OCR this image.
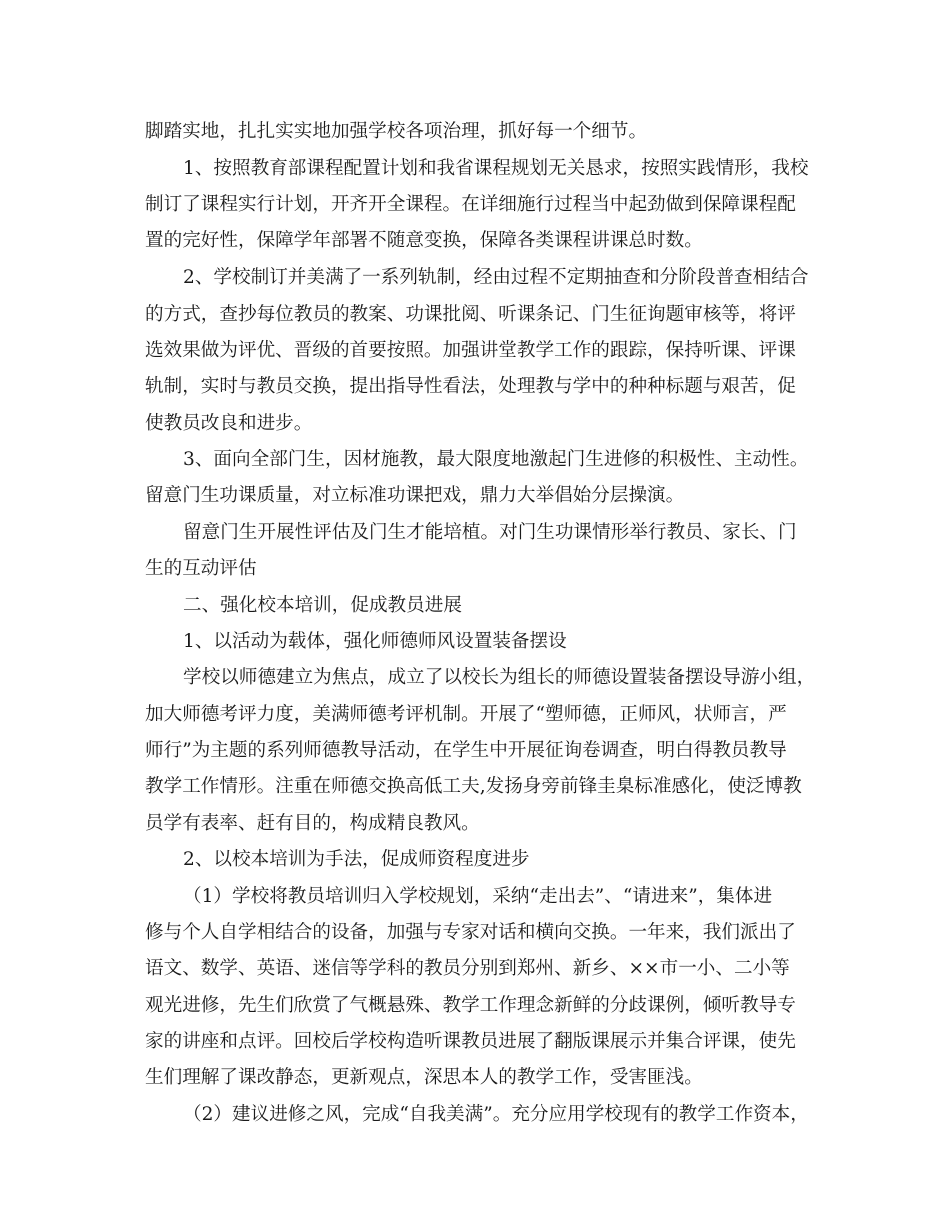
脚踏实地，扎扎实实地加强学校各项治理，抓好每一个细节。

1、按照教育部课程配置计划和我省课程规划无关恳求，按照实践情形，我校

制订了课程实行计划，开齐开全课程。在详细施行过程当中起劲做到保障课程配

置的完好性，保障学年部署不随意变换，保障各类课程讲课总时数。

2、学校制订并美满了一系列轨制，经由过程不定期抽查和分阶段普查相结合

的方式，查抄每位教员的教案、功课批阅、听课条记、门生征询题审核等，将评

选效果做为评优、晋级的首要按照。加强讲堂教学工作的跟踪，保持听课、评课

轨制，实时与教员交换，提出指导性看法，处理教与学中的种种标题与艰苦，促

使教员改良和进步。

3、面向全部门生，因材施教，最大限度地激起门生进修的积极性、主动性。

留意门生功课质量，对立标准功课把戏，鼎力大举倡始分层操演。

留意门生开展性评估及门生才能培植。对门生功课情形举行教员、家长、门

生的互动评估

二、强化校本培训，促成教员进展

1、以活动为载体，强化师德师风设置装备摆设

学校以师德建立为焦点，成立了以校长为组长的师德设置装备摆设导游小组，

加大师德考评力度，美满师德考评机制。开展了“塑师德，正师风，状师言，严

师行”为主题的系列师德教导活动，在学生中开展征询卷调查，明白得教员教导

教学工作情形。注重在师德交换高低工夫,发扬身旁前锋圭臬标准感化，使泛博教

员学有表率、赶有目的，构成精良教风。

2、以校本培训为手法，促成师资程度进步

（1）学校将教员培训归入学校规划，采纳“走出去”、“请进来”，集体进

修与个人自学相结合的设备，加强与专家对话和横向交换。一年来，我们派出了

语文、数学、英语、迷信等学科的教员分别到郑州、新乡、××市一小、二小等

观光进修，先生们欣赏了气概悬殊、教学工作理念新鲜的分歧课例，倾听教导专

家的讲座和点评。回校后学校构造听课教员进展了翻版课展示并集合评课，使先

生们理解了课改静态，更新观点，深思本人的教学工作，受害匪浅。

（2）建议进修之风，完成“自我美满”。充分应用学校现有的教学工作资本，
